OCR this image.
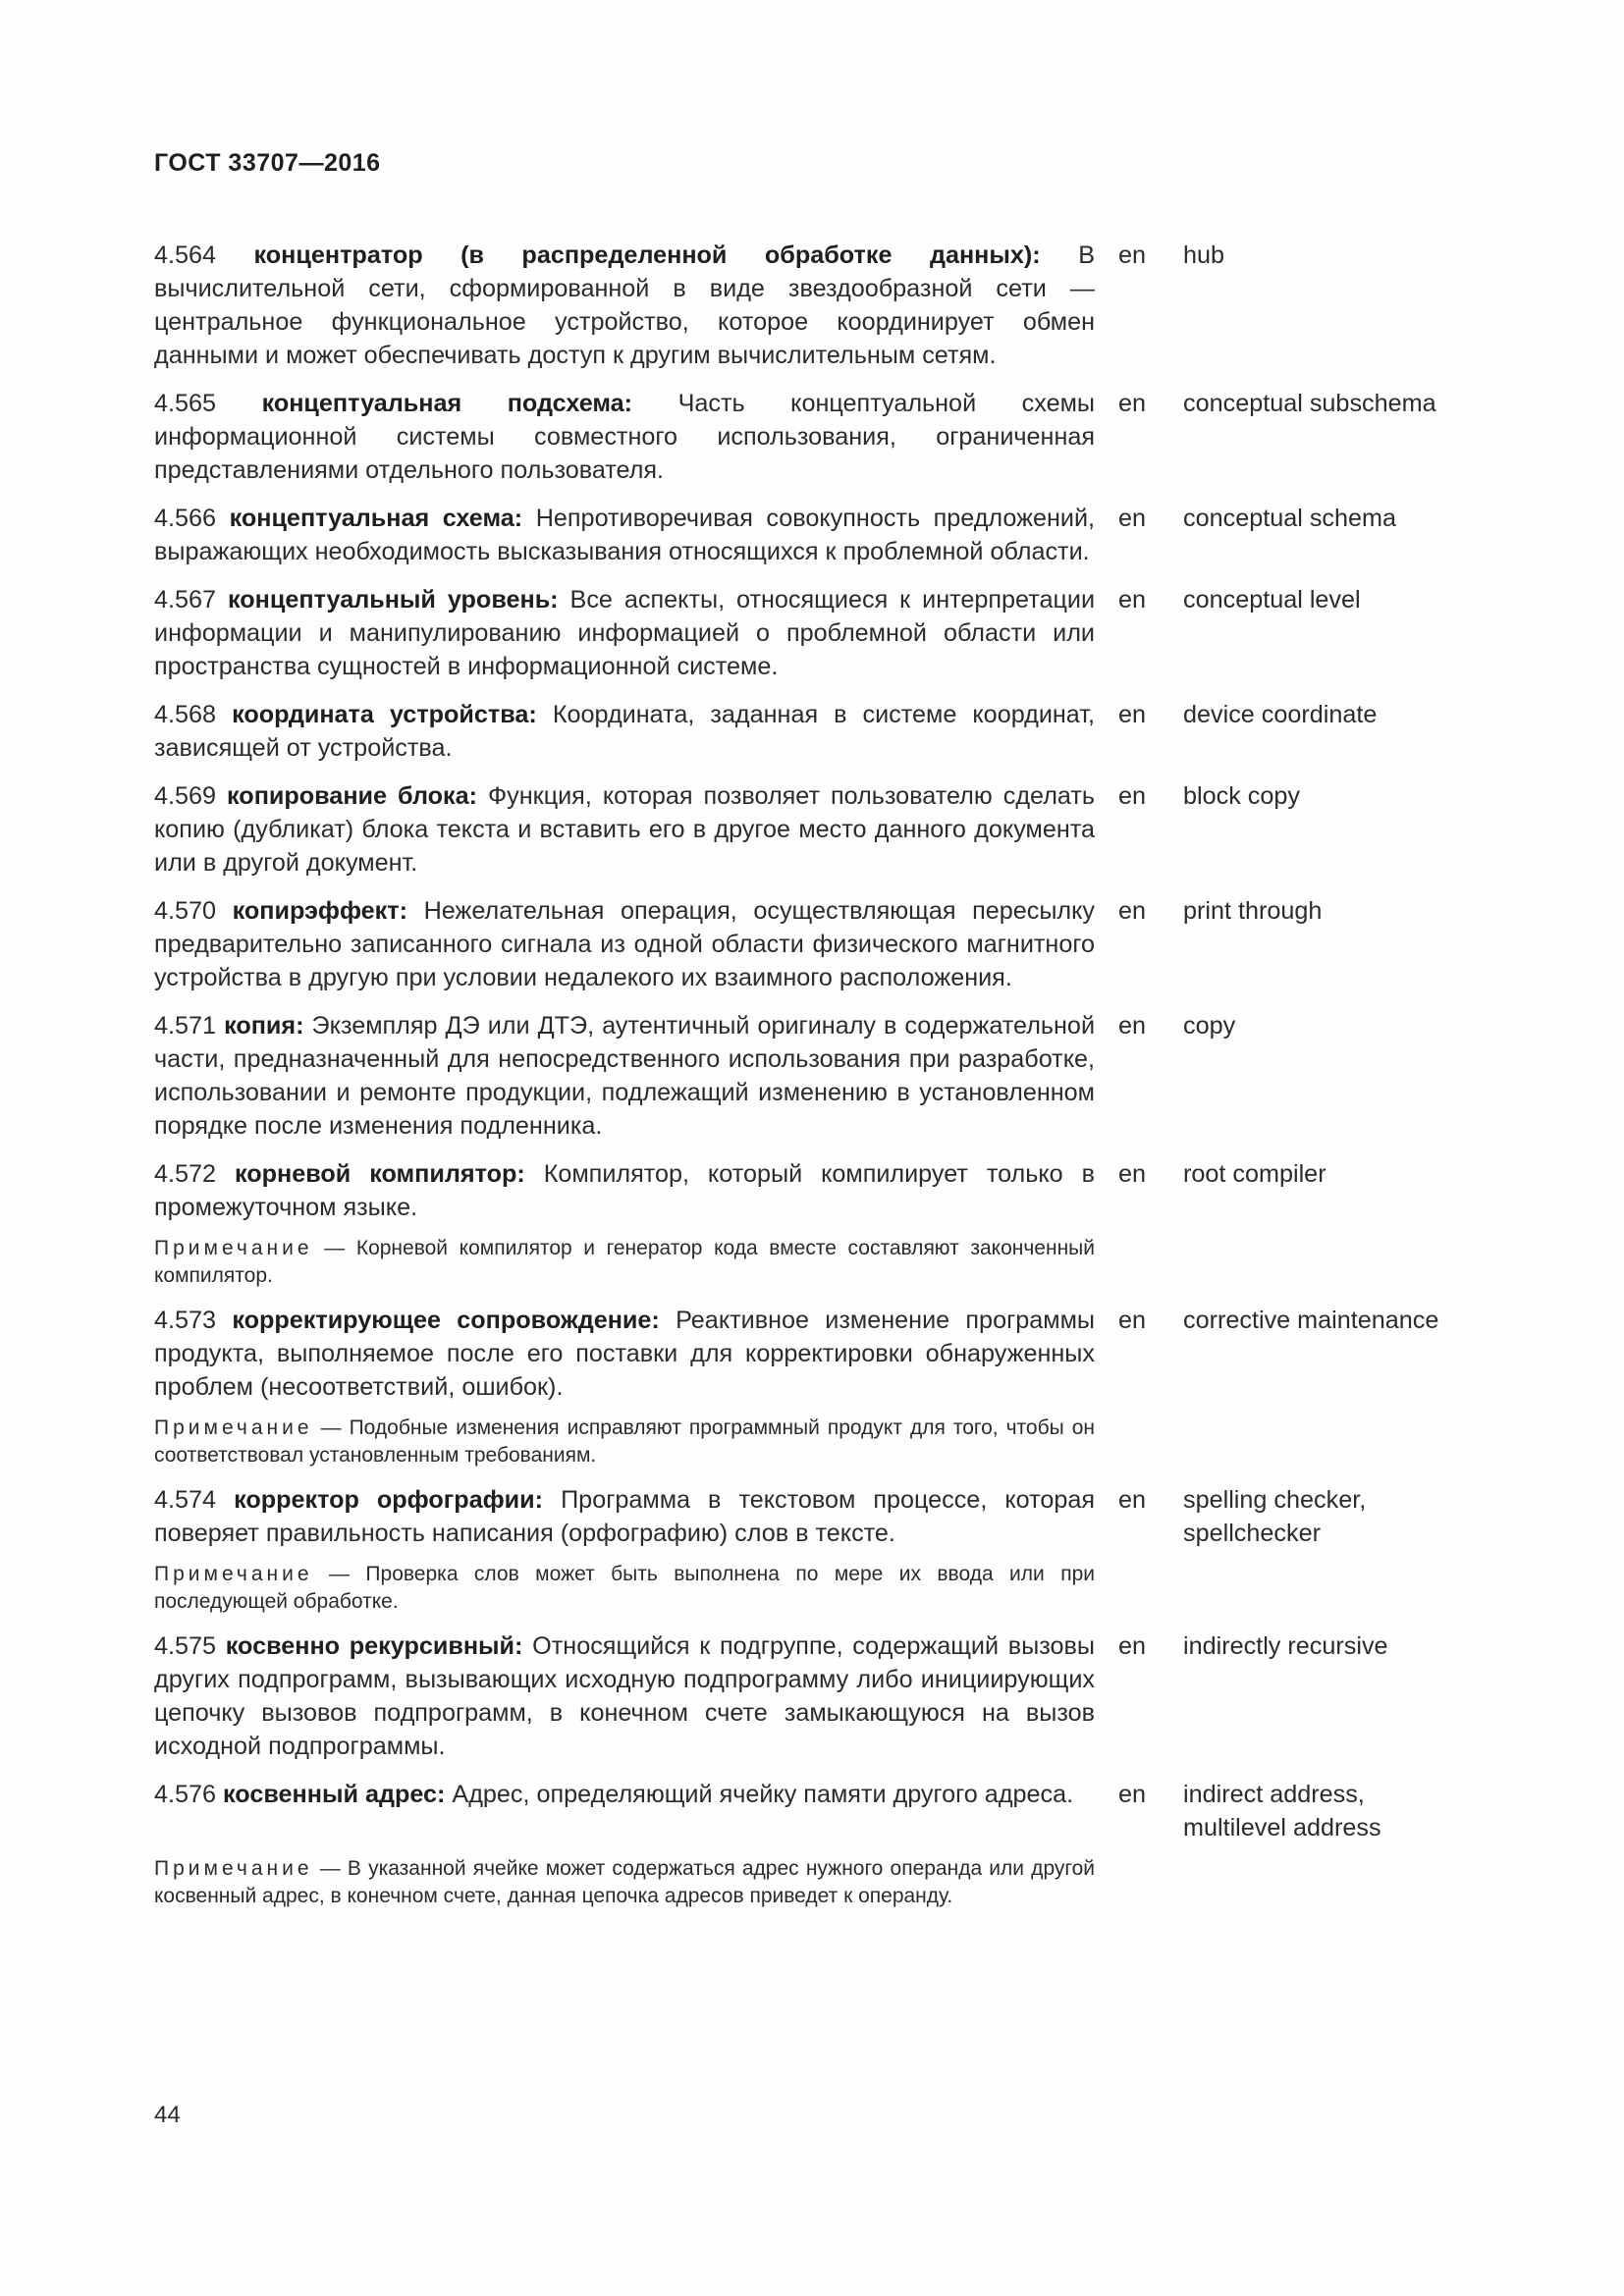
ГОСТ 33707—2016
4.564 концентратор (в распределенной обработке данных): В вычислительной сети, сформированной в виде звездообразной сети — центральное функциональное устройство, которое координирует обмен данными и может обеспечивать доступ к другим вычислительным сетям.
en	hub
4.565 концептуальная подсхема: Часть концептуальной схемы информационной системы совместного использования, ограниченная представлениями отдельного пользователя.
en	conceptual subschema
4.566 концептуальная схема: Непротиворечивая совокупность предложений, выражающих необходимость высказывания относящихся к проблемной области.
en	conceptual schema
4.567 концептуальный уровень: Все аспекты, относящиеся к интерпретации информации и манипулированию информацией о проблемной области или пространства сущностей в информационной системе.
en	conceptual level
4.568 координата устройства: Координата, заданная в системе координат, зависящей от устройства.
en	device coordinate
4.569 копирование блока: Функция, которая позволяет пользователю сделать копию (дубликат) блока текста и вставить его в другое место данного документа или в другой документ.
en	block copy
4.570 копирэффект: Нежелательная операция, осуществляющая пересылку предварительно записанного сигнала из одной области физического магнитного устройства в другую при условии недалекого их взаимного расположения.
en	print through
4.571 копия: Экземпляр ДЭ или ДТЭ, аутентичный оригиналу в содержательной части, предназначенный для непосредственного использования при разработке, использовании и ремонте продукции, подлежащий изменению в установленном порядке после изменения подленника.
en	copy
4.572 корневой компилятор: Компилятор, который компилирует только в промежуточном языке.
en	root compiler
Примечание — Корневой компилятор и генератор кода вместе составляют законченный компилятор.
4.573 корректирующее сопровождение: Реактивное изменение программы продукта, выполняемое после его поставки для корректировки обнаруженных проблем (несоответствий, ошибок).
en	corrective maintenance
Примечание — Подобные изменения исправляют программный продукт для того, чтобы он соответствовал установленным требованиям.
4.574 корректор орфографии: Программа в текстовом процессе, которая поверяет правильность написания (орфографию) слов в тексте.
en	spelling checker,
spellchecker
Примечание — Проверка слов может быть выполнена по мере их ввода или при последующей обработке.
4.575 косвенно рекурсивный: Относящийся к подгруппе, содержащий вызовы других подпрограмм, вызывающих исходную подпрограмму либо инициирующих цепочку вызовов подпрограмм, в конечном счете замыкающуюся на вызов исходной подпрограммы.
en	indirectly recursive
4.576 косвенный адрес: Адрес, определяющий ячейку памяти другого адреса.	en	indirect address,
multilevel address
Примечание — В указанной ячейке может содержаться адрес нужного операнда или другой косвенный адрес, в конечном счете, данная цепочка адресов приведет к операнду.
44
